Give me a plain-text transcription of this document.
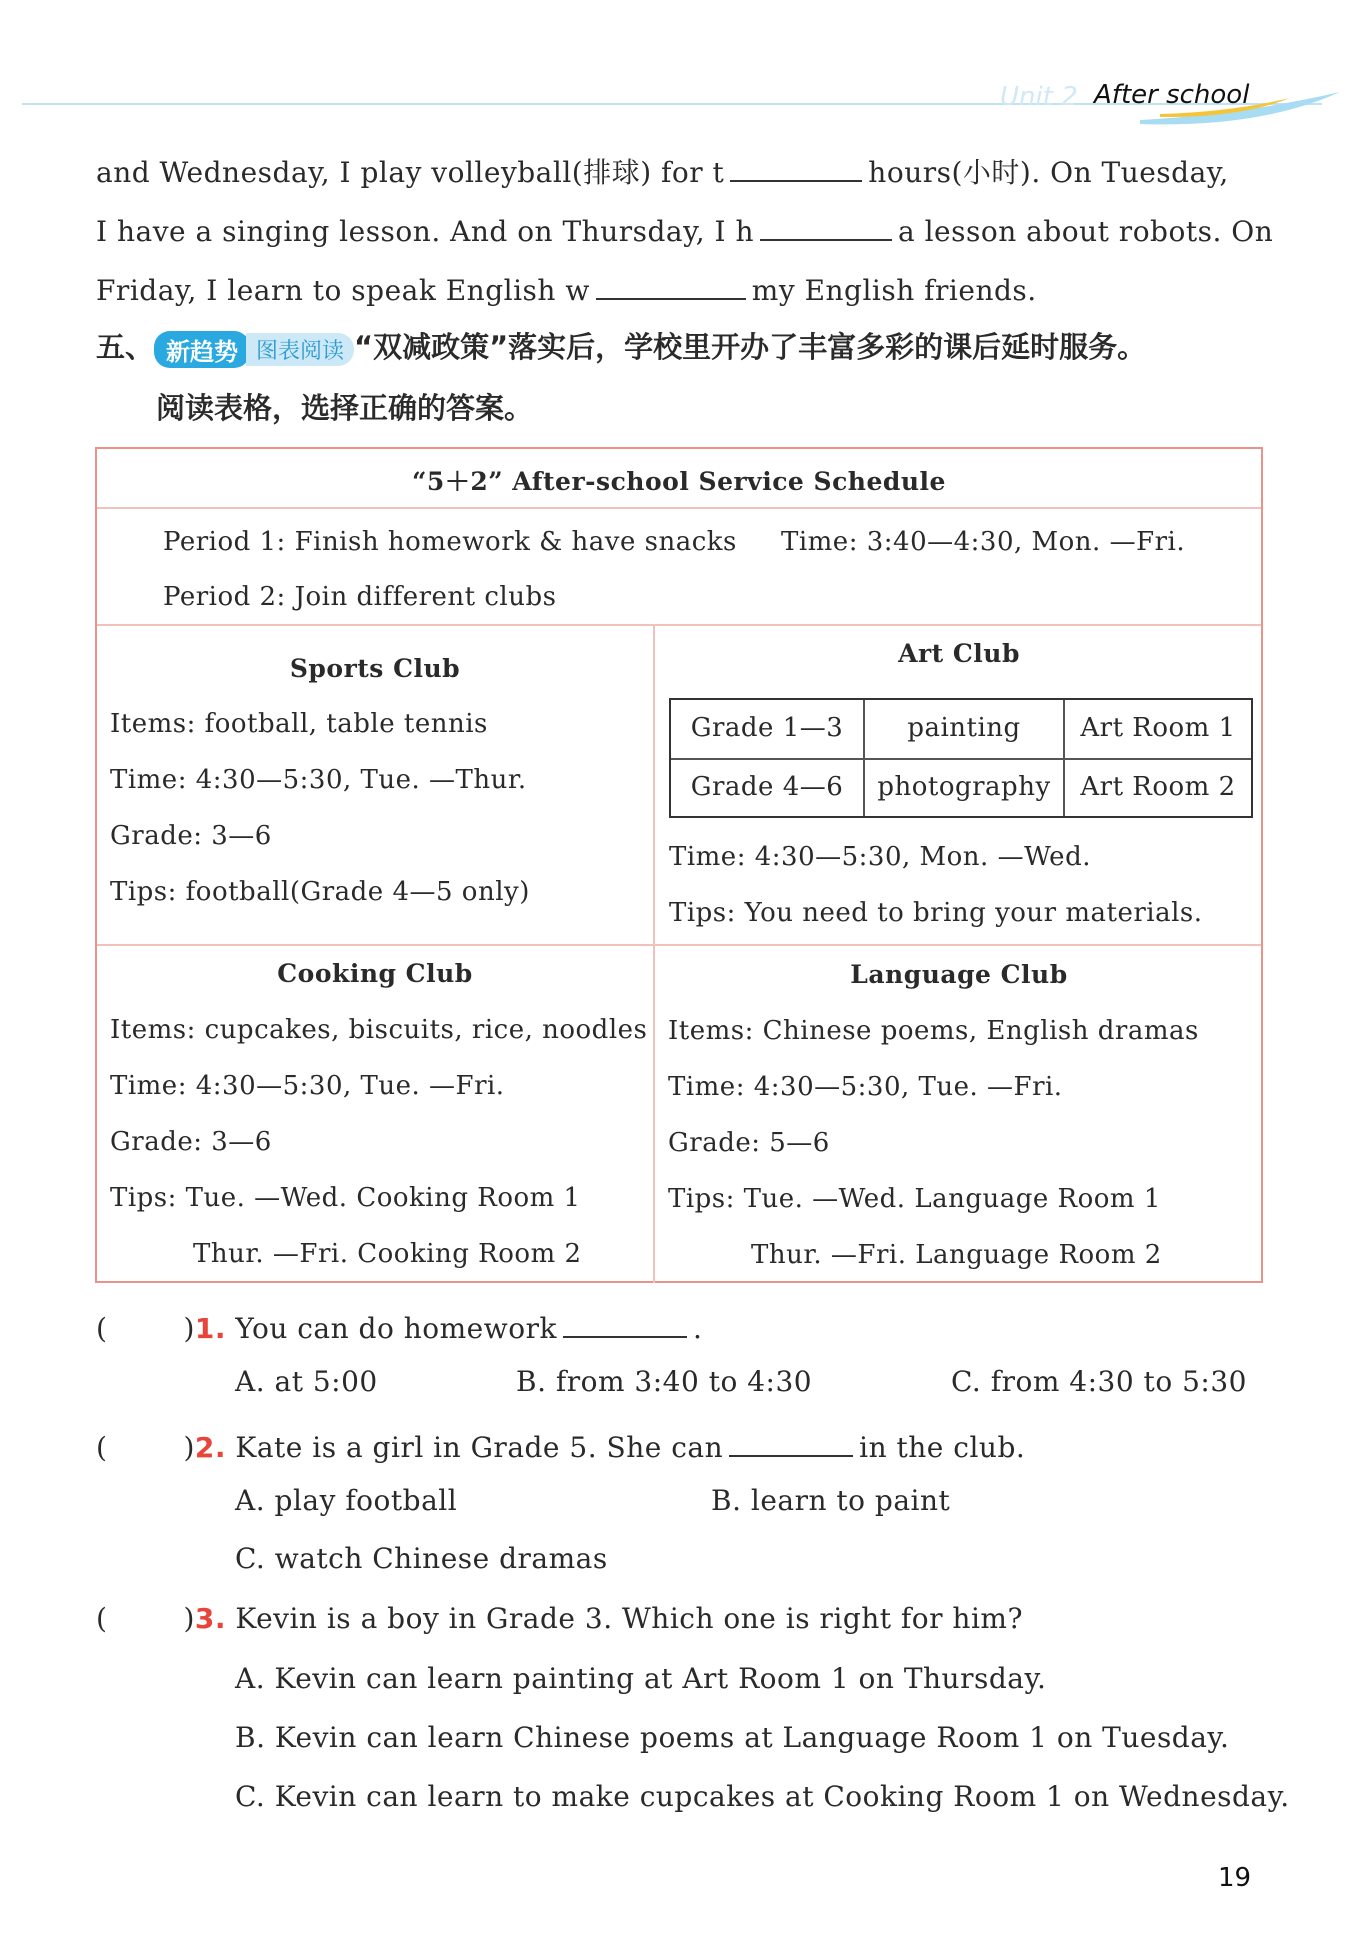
Unit 2 After school
and Wednesday, I play volleyball(排球) for t	hours(小时). On Tuesday,
I have a singing lesson. And on Thursday, I h	a lesson about robots. On
Friday, I learn to speak English w	my English friends.
五、 新趋势 图表阅读 “双减政策”落实后，学校里开办了丰富多彩的课后延时服务。
阅读表格，选择正确的答案。
“5＋2” After-school Service Schedule
Period 1: Finish homework & have snacks Time: 3:40—4:30, Mon. —Fri.
Period 2: Join different clubs
Sports Club
Items: football, table tennis
Time: 4:30—5:30, Tue. —Thur.
Grade: 3—6
Tips: football(Grade 4—5 only)
Art Club
Grade 1—3	painting	Art Room 1
Grade 4—6	photography	Art Room 2
Time: 4:30—5:30, Mon. —Wed.
Tips: You need to bring your materials.
Cooking Club
Items: cupcakes, biscuits, rice, noodles
Time: 4:30—5:30, Tue. —Fri.
Grade: 3—6
Tips: Tue. —Wed. Cooking Room 1
Thur. —Fri. Cooking Room 2
Language Club
Items: Chinese poems, English dramas
Time: 4:30—5:30, Tue. —Fri.
Grade: 5—6
Tips: Tue. —Wed. Language Room 1
Thur. —Fri. Language Room 2
(	)1. You can do homework	.
A. at 5:00	B. from 3:40 to 4:30	C. from 4:30 to 5:30
(	)2. Kate is a girl in Grade 5. She can	in the club.
A. play football	B. learn to paint
C. watch Chinese dramas
(	)3. Kevin is a boy in Grade 3. Which one is right for him?
A. Kevin can learn painting at Art Room 1 on Thursday.
B. Kevin can learn Chinese poems at Language Room 1 on Tuesday.
C. Kevin can learn to make cupcakes at Cooking Room 1 on Wednesday.
19
